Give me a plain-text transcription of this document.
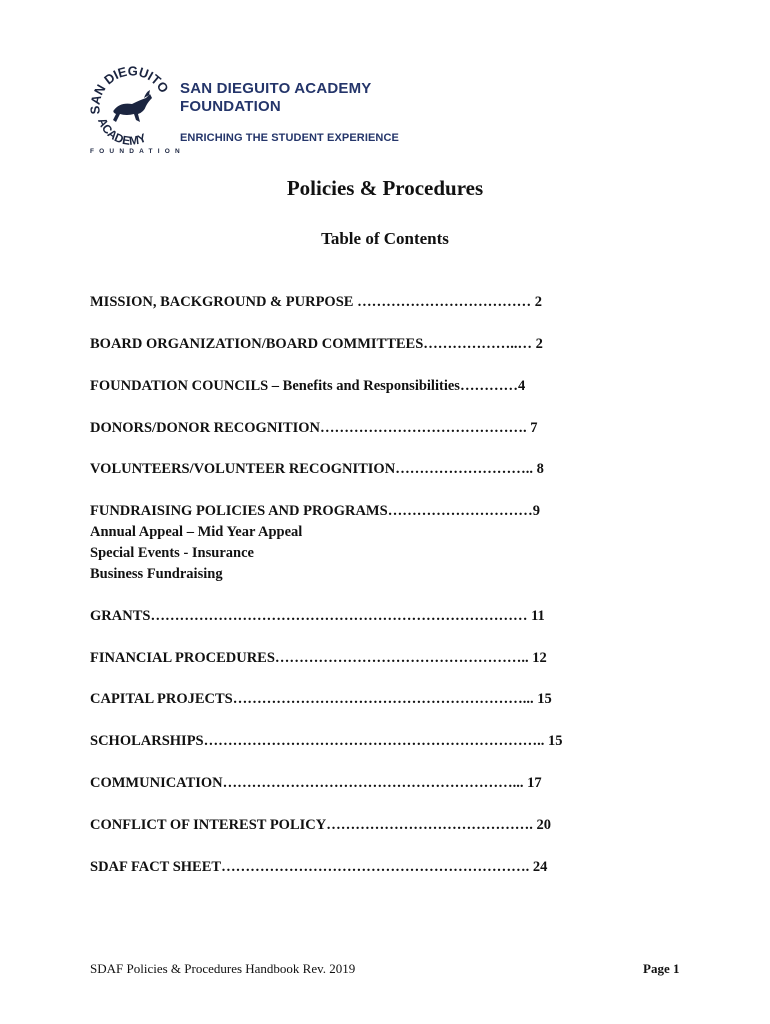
SAN DIEGUITO
ACADEMY
SAN DIEGUITO ACADEMY
FOUNDATION
ENRICHING THE STUDENT EXPERIENCE
FOUNDATION
Policies & Procedures
Table of Contents
MISSION, BACKGROUND & PURPOSE ……………………………… 2
BOARD ORGANIZATION/BOARD COMMITTEES………………..… 2
FOUNDATION COUNCILS – Benefits and Responsibilities…………4
DONORS/DONOR RECOGNITION……………………………………. 7
VOLUNTEERS/VOLUNTEER RECOGNITION……………………….. 8
FUNDRAISING POLICIES AND PROGRAMS…………………………9
Annual Appeal – Mid Year Appeal
Special Events - Insurance
Business Fundraising
GRANTS…………………………………………………………………… 11
FINANCIAL PROCEDURES…………………………………………….. 12
CAPITAL PROJECTS……………………………………………………... 15
SCHOLARSHIPS…………………………………………………………….. 15
COMMUNICATION……………………………………………………... 17
CONFLICT OF INTEREST POLICY……………………………………. 20
SDAF FACT SHEET………………………………………………………. 24
SDAF Policies & Procedures Handbook Rev. 2019	Page 1
